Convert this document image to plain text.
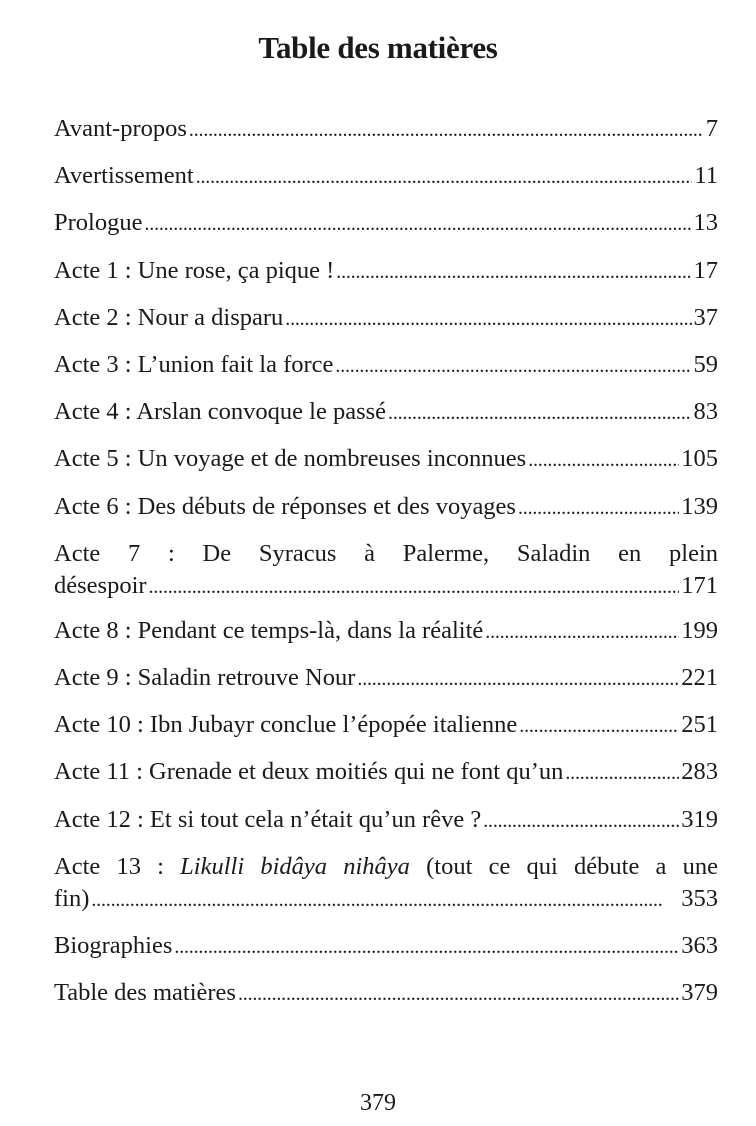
Table des matières
Avant-propos . . .	7
Avertissement . . .	11
Prologue . . .	13
Acte 1 : Une rose, ça pique ! . . .	17
Acte 2 : Nour a disparu . . .	37
Acte 3 : L’union fait la force . . .	59
Acte 4 : Arslan convoque le passé . . .	83
Acte 5 : Un voyage et de nombreuses inconnues . . .	105
Acte 6 : Des débuts de réponses et des voyages . . .	139
Acte 7 : De Syracus à Palerme, Saladin en plein
désespoir . . .	171
Acte 8 : Pendant ce temps-là, dans la réalité . . .	199
Acte 9 : Saladin retrouve Nour . . .	221
Acte 10 : Ibn Jubayr conclue l’épopée italienne . . .	251
Acte 11 : Grenade et deux moitiés qui ne font qu’un . . .	283
Acte 12 : Et si tout cela n’était qu’un rêve ? . . .	319
Acte 13 : Likulli bidâya nihâya (tout ce qui débute a une
fin) . . .	353
Biographies . . .	363
Table des matières . . .	379
379
